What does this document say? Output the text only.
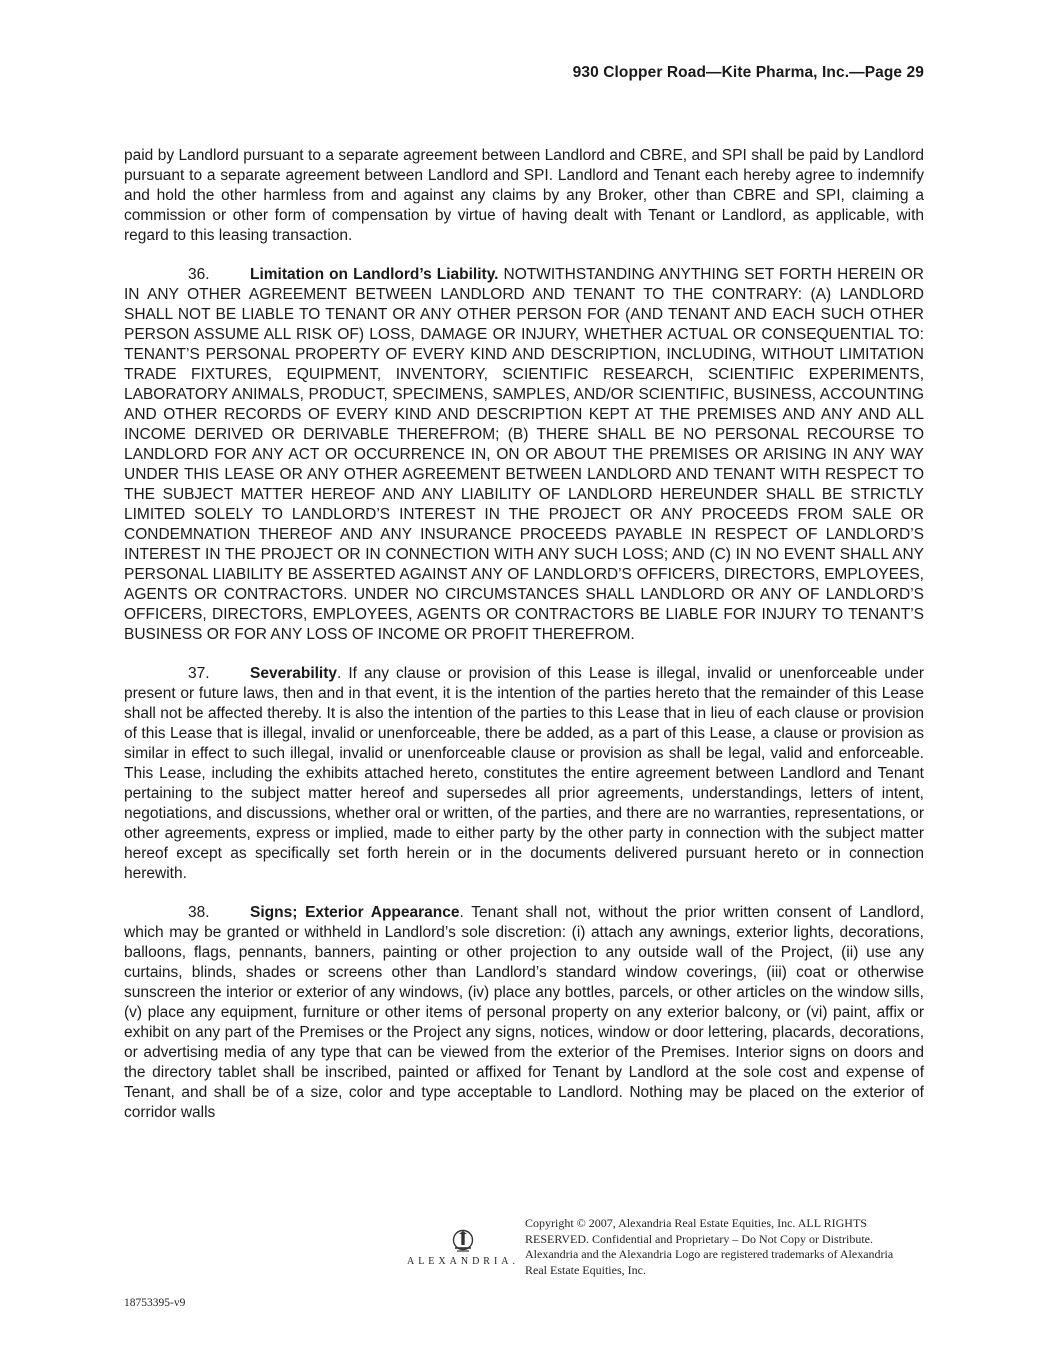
930 Clopper Road—Kite Pharma, Inc.—Page 29

paid by Landlord pursuant to a separate agreement between Landlord and CBRE, and SPI shall be paid by Landlord pursuant to a separate agreement between Landlord and SPI. Landlord and Tenant each hereby agree to indemnify and hold the other harmless from and against any claims by any Broker, other than CBRE and SPI, claiming a commission or other form of compensation by virtue of having dealt with Tenant or Landlord, as applicable, with regard to this leasing transaction.

36.	Limitation on Landlord’s Liability. NOTWITHSTANDING ANYTHING SET FORTH HEREIN OR IN ANY OTHER AGREEMENT BETWEEN LANDLORD AND TENANT TO THE CONTRARY: (A) LANDLORD SHALL NOT BE LIABLE TO TENANT OR ANY OTHER PERSON FOR (AND TENANT AND EACH SUCH OTHER PERSON ASSUME ALL RISK OF) LOSS, DAMAGE OR INJURY, WHETHER ACTUAL OR CONSEQUENTIAL TO: TENANT’S PERSONAL PROPERTY OF EVERY KIND AND DESCRIPTION, INCLUDING, WITHOUT LIMITATION TRADE FIXTURES, EQUIPMENT, INVENTORY, SCIENTIFIC RESEARCH, SCIENTIFIC EXPERIMENTS, LABORATORY ANIMALS, PRODUCT, SPECIMENS, SAMPLES, AND/OR SCIENTIFIC, BUSINESS, ACCOUNTING AND OTHER RECORDS OF EVERY KIND AND DESCRIPTION KEPT AT THE PREMISES AND ANY AND ALL INCOME DERIVED OR DERIVABLE THEREFROM; (B) THERE SHALL BE NO PERSONAL RECOURSE TO LANDLORD FOR ANY ACT OR OCCURRENCE IN, ON OR ABOUT THE PREMISES OR ARISING IN ANY WAY UNDER THIS LEASE OR ANY OTHER AGREEMENT BETWEEN LANDLORD AND TENANT WITH RESPECT TO THE SUBJECT MATTER HEREOF AND ANY LIABILITY OF LANDLORD HEREUNDER SHALL BE STRICTLY LIMITED SOLELY TO LANDLORD’S INTEREST IN THE PROJECT OR ANY PROCEEDS FROM SALE OR CONDEMNATION THEREOF AND ANY INSURANCE PROCEEDS PAYABLE IN RESPECT OF LANDLORD’S INTEREST IN THE PROJECT OR IN CONNECTION WITH ANY SUCH LOSS; AND (C) IN NO EVENT SHALL ANY PERSONAL LIABILITY BE ASSERTED AGAINST ANY OF LANDLORD’S OFFICERS, DIRECTORS, EMPLOYEES, AGENTS OR CONTRACTORS. UNDER NO CIRCUMSTANCES SHALL LANDLORD OR ANY OF LANDLORD’S OFFICERS, DIRECTORS, EMPLOYEES, AGENTS OR CONTRACTORS BE LIABLE FOR INJURY TO TENANT’S BUSINESS OR FOR ANY LOSS OF INCOME OR PROFIT THEREFROM.

37.	Severability. If any clause or provision of this Lease is illegal, invalid or unenforceable under present or future laws, then and in that event, it is the intention of the parties hereto that the remainder of this Lease shall not be affected thereby. It is also the intention of the parties to this Lease that in lieu of each clause or provision of this Lease that is illegal, invalid or unenforceable, there be added, as a part of this Lease, a clause or provision as similar in effect to such illegal, invalid or unenforceable clause or provision as shall be legal, valid and enforceable. This Lease, including the exhibits attached hereto, constitutes the entire agreement between Landlord and Tenant pertaining to the subject matter hereof and supersedes all prior agreements, understandings, letters of intent, negotiations, and discussions, whether oral or written, of the parties, and there are no warranties, representations, or other agreements, express or implied, made to either party by the other party in connection with the subject matter hereof except as specifically set forth herein or in the documents delivered pursuant hereto or in connection herewith.

38.	Signs; Exterior Appearance. Tenant shall not, without the prior written consent of Landlord, which may be granted or withheld in Landlord’s sole discretion: (i) attach any awnings, exterior lights, decorations, balloons, flags, pennants, banners, painting or other projection to any outside wall of the Project, (ii) use any curtains, blinds, shades or screens other than Landlord’s standard window coverings, (iii) coat or otherwise sunscreen the interior or exterior of any windows, (iv) place any bottles, parcels, or other articles on the window sills, (v) place any equipment, furniture or other items of personal property on any exterior balcony, or (vi) paint, affix or exhibit on any part of the Premises or the Project any signs, notices, window or door lettering, placards, decorations, or advertising media of any type that can be viewed from the exterior of the Premises. Interior signs on doors and the directory tablet shall be inscribed, painted or affixed for Tenant by Landlord at the sole cost and expense of Tenant, and shall be of a size, color and type acceptable to Landlord. Nothing may be placed on the exterior of corridor walls

ALEXANDRIA.
Copyright © 2007, Alexandria Real Estate Equities, Inc. ALL RIGHTS RESERVED. Confidential and Proprietary – Do Not Copy or Distribute. Alexandria and the Alexandria Logo are registered trademarks of Alexandria Real Estate Equities, Inc.
18753395-v9
